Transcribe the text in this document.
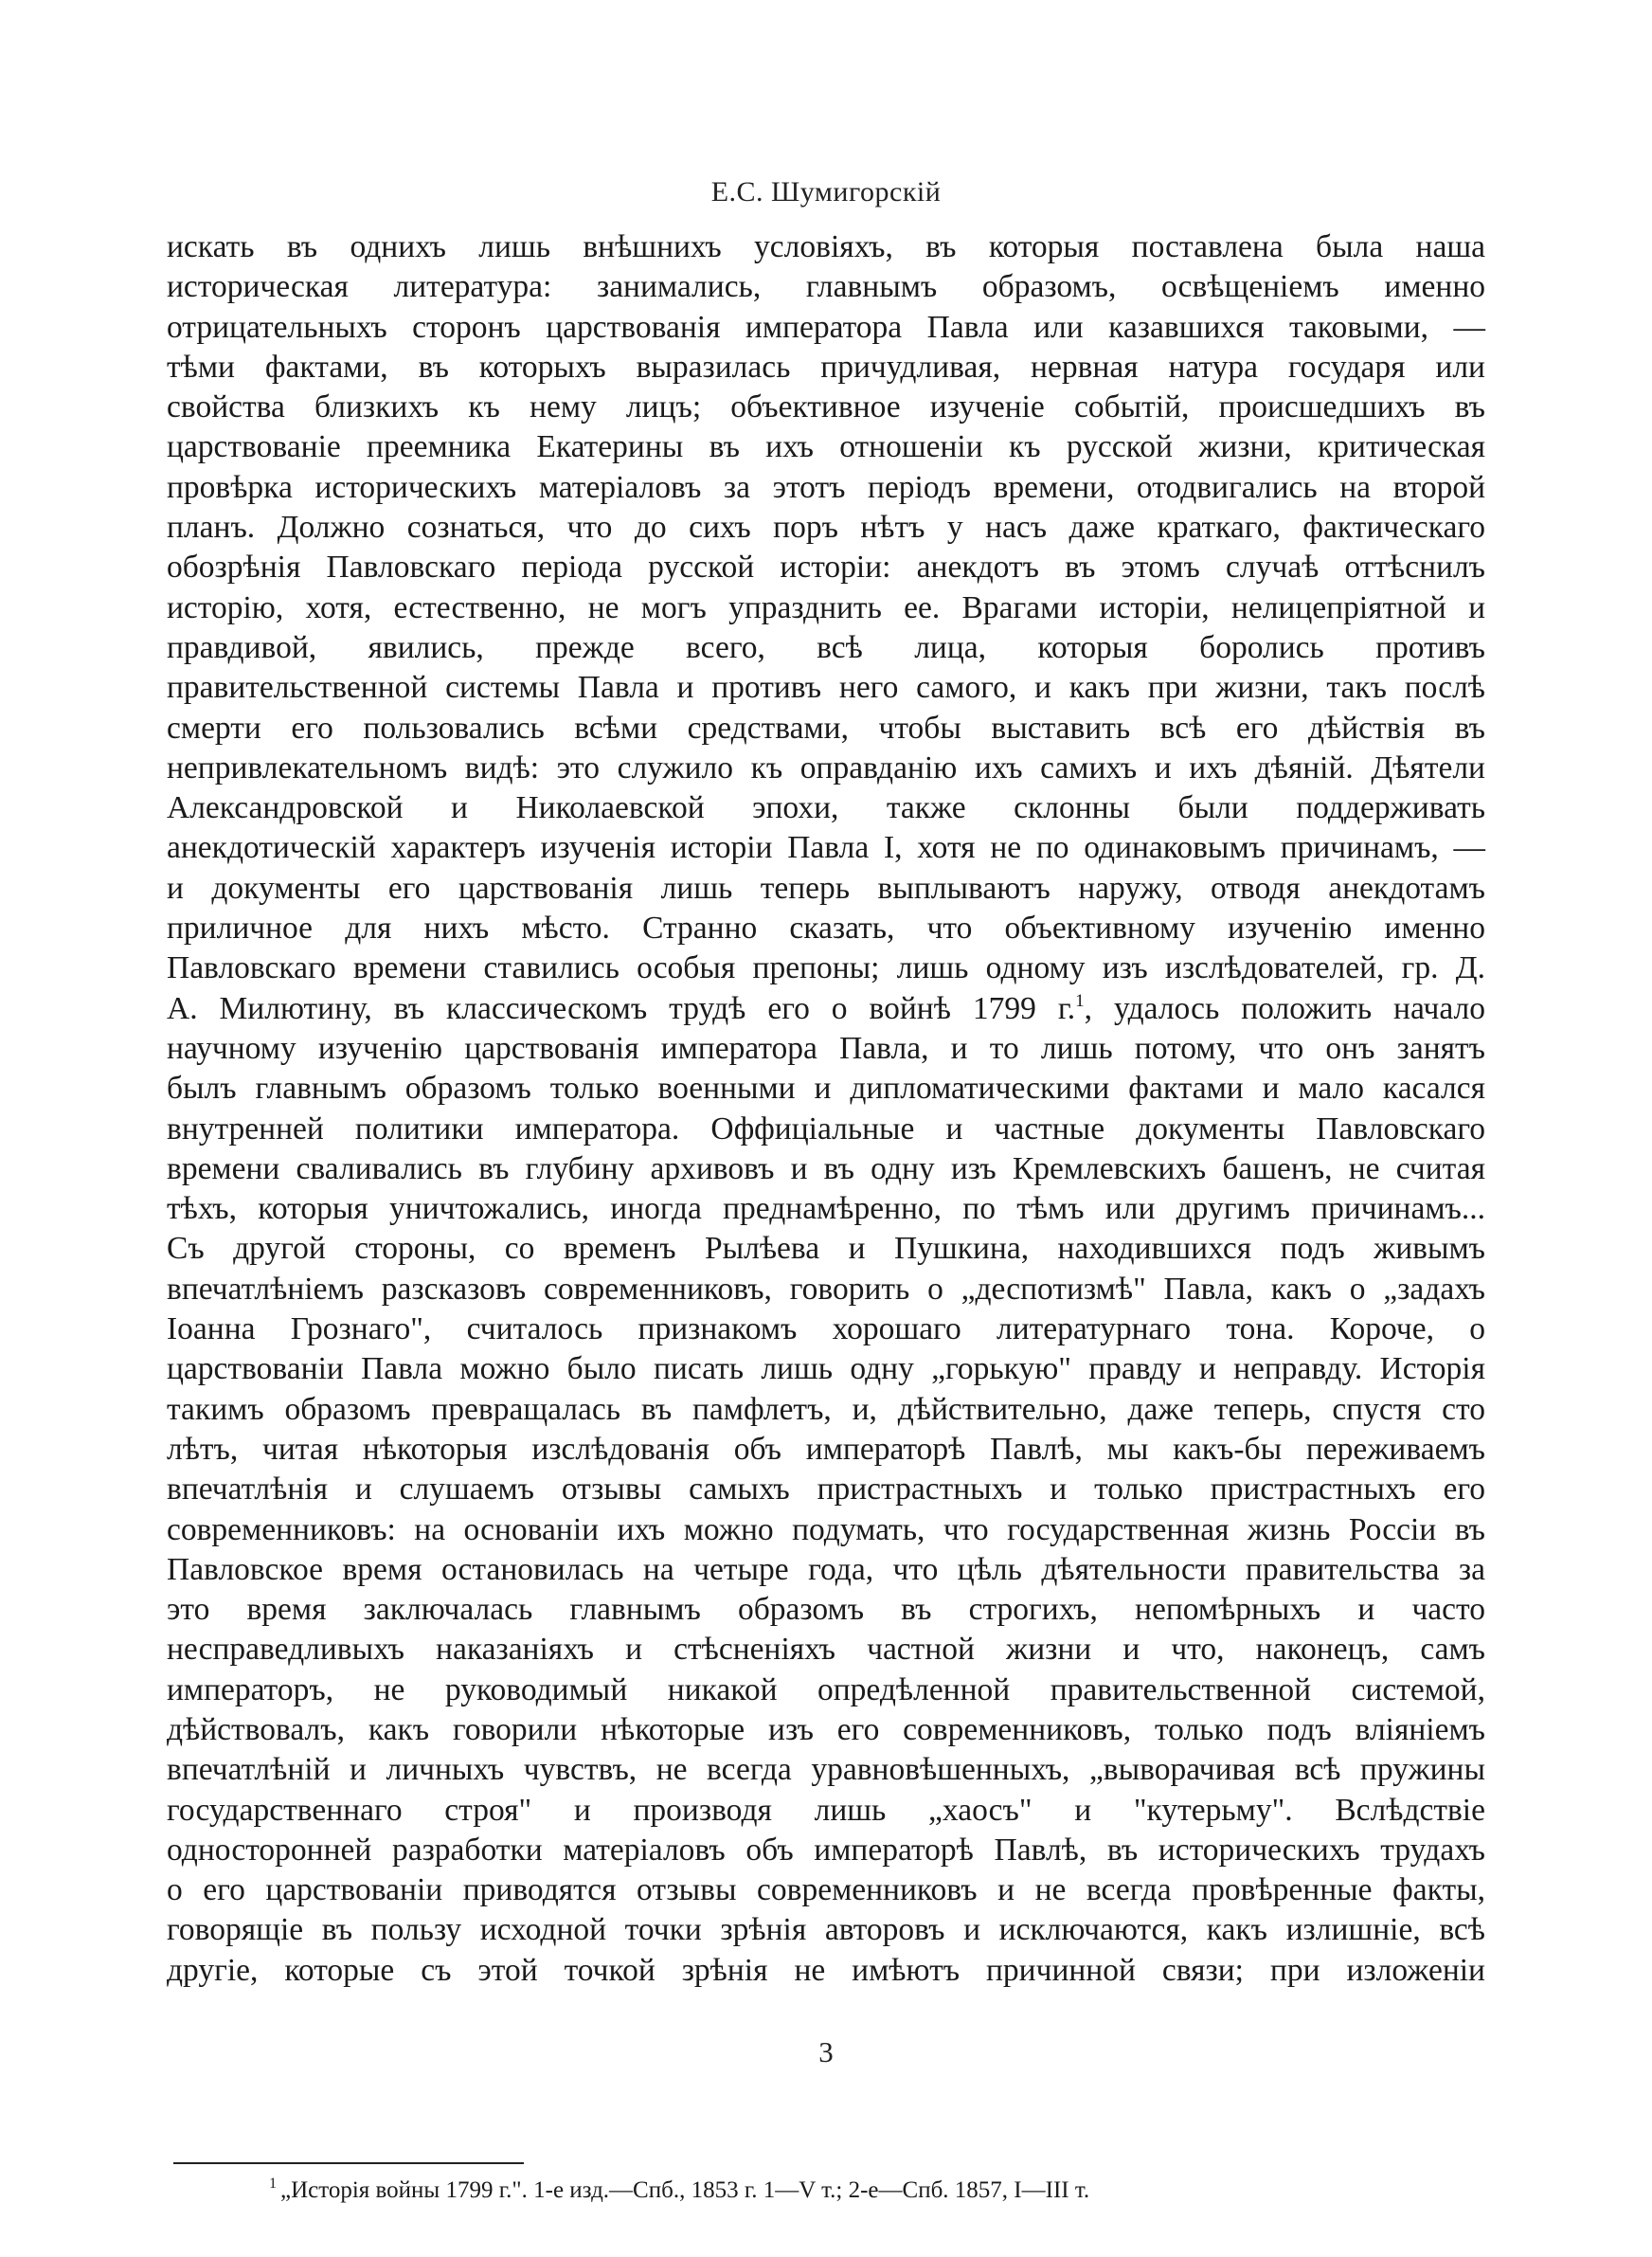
Е.С. Шумигорскій
искать въ однихъ лишь внѣшнихъ условіяхъ, въ которыя поставлена была наша
историческая литература: занимались, главнымъ образомъ, освѣщеніемъ именно
отрицательныхъ сторонъ царствованія императора Павла или казавшихся таковыми, —
тѣми фактами, въ которыхъ выразилась причудливая, нервная натура государя или
свойства близкихъ къ нему лицъ; объективное изученіе событій, происшедшихъ въ
царствованіе преемника Екатерины въ ихъ отношеніи къ русской жизни, критическая
провѣрка историческихъ матеріаловъ за этотъ періодъ времени, отодвигались на второй
планъ. Должно сознаться, что до сихъ поръ нѣтъ у насъ даже краткаго, фактическаго
обозрѣнія Павловскаго періода русской исторіи: анекдотъ въ этомъ случаѣ оттѣснилъ
исторію, хотя, естественно, не могъ упразднить ее. Врагами исторіи, нелицепріятной и
правдивой, явились, прежде всего, всѣ лица, которыя боролись противъ
правительственной системы Павла и противъ него самого, и какъ при жизни, такъ послѣ
смерти его пользовались всѣми средствами, чтобы выставить всѣ его дѣйствія въ
непривлекательномъ видѣ: это служило къ оправданію ихъ самихъ и ихъ дѣяній. Дѣятели
Александровской и Николаевской эпохи, также склонны были поддерживать
анекдотическій характеръ изученія исторіи Павла I, хотя не по одинаковымъ причинамъ, —
и документы его царствованія лишь теперь выплываютъ наружу, отводя анекдотамъ
приличное для нихъ мѣсто. Странно сказать, что объективному изученію именно
Павловскаго времени ставились особыя препоны; лишь одному изъ изслѣдователей, гр. Д.
А. Милютину, въ классическомъ трудѣ его о войнѣ 1799 г.$^1$, удалось положить начало
научному изученію царствованія императора Павла, и то лишь потому, что онъ занятъ
былъ главнымъ образомъ только военными и дипломатическими фактами и мало касался
внутренней политики императора. Оффиціальные и частные документы Павловскаго
времени сваливались въ глубину архивовъ и въ одну изъ Кремлевскихъ башенъ, не считая
тѣхъ, которыя уничтожались, иногда преднамѣренно, по тѣмъ или другимъ причинамъ...
Съ другой стороны, со временъ Рылѣева и Пушкина, находившихся подъ живымъ
впечатлѣніемъ разсказовъ современниковъ, говорить о „деспотизмѣ" Павла, какъ о „задахъ
Іоанна Грознаго", считалось признакомъ хорошаго литературнаго тона. Короче, о
царствованіи Павла можно было писать лишь одну „горькую" правду и неправду. Исторія
такимъ образомъ превращалась въ памфлетъ, и, дѣйствительно, даже теперь, спустя сто
лѣтъ, читая нѣкоторыя изслѣдованія объ императорѣ Павлѣ, мы какъ-бы переживаемъ
впечатлѣнія и слушаемъ отзывы самыхъ пристрастныхъ и только пристрастныхъ его
современниковъ: на основаніи ихъ можно подумать, что государственная жизнь Россіи въ
Павловское время остановилась на четыре года, что цѣль дѣятельности правительства за
это время заключалась главнымъ образомъ въ строгихъ, непомѣрныхъ и часто
несправедливыхъ наказаніяхъ и стѣсненіяхъ частной жизни и что, наконецъ, самъ
императоръ, не руководимый никакой опредѣленной правительственной системой,
дѣйствовалъ, какъ говорили нѣкоторые изъ его современниковъ, только подъ вліяніемъ
впечатлѣній и личныхъ чувствъ, не всегда уравновѣшенныхъ, „выворачивая всѣ пружины
государственнаго строя" и производя лишь „хаосъ" и "кутерьму". Вслѣдствіе
односторонней разработки матеріаловъ объ императорѣ Павлѣ, въ историческихъ трудахъ
о его царствованіи приводятся отзывы современниковъ и не всегда провѣренные факты,
говорящіе въ пользу исходной точки зрѣнія авторовъ и исключаются, какъ излишніе, всѣ
другіе, которые съ этой точкой зрѣнія не имѣютъ причинной связи; при изложеніи
3
$^1$ „Исторія войны 1799 г.". 1-е изд.—Спб., 1853 г. 1—V т.; 2-е—Спб. 1857, I—III т.
